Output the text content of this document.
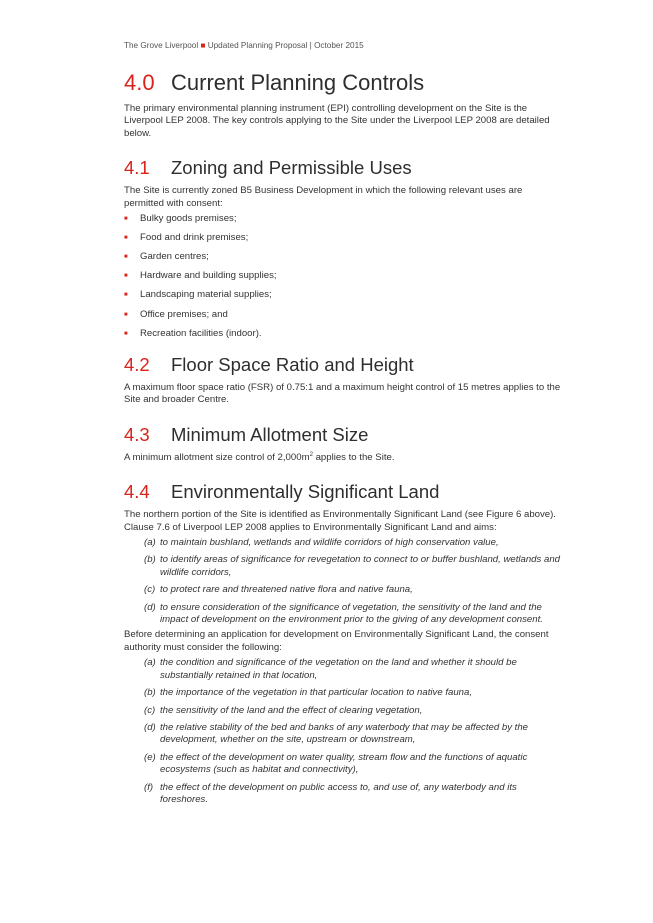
The Grove Liverpool ■ Updated Planning Proposal | October 2015
4.0 Current Planning Controls

The primary environmental planning instrument (EPI) controlling development on the Site is the Liverpool LEP 2008. The key controls applying to the Site under the Liverpool LEP 2008 are detailed below.

4.1 Zoning and Permissible Uses

The Site is currently zoned B5 Business Development in which the following relevant uses are permitted with consent:

■ Bulky goods premises;
■ Food and drink premises;
■ Garden centres;
■ Hardware and building supplies;
■ Landscaping material supplies;
■ Office premises; and
■ Recreation facilities (indoor).
4.2 Floor Space Ratio and Height

A maximum floor space ratio (FSR) of 0.75:1 and a maximum height control of 15 metres applies to the Site and broader Centre.

4.3 Minimum Allotment Size

A minimum allotment size control of $2,000m^2$ applies to the Site.

4.4 Environmentally Significant Land

The northern portion of the Site is identified as Environmentally Significant Land (see Figure 6 above). Clause 7.6 of Liverpool LEP 2008 applies to Environmentally Significant Land and aims:

(a) to maintain bushland, wetlands and wildlife corridors of high conservation value,
(b) to identify areas of significance for revegetation to connect to or buffer bushland, wetlands and wildlife corridors,
(c) to protect rare and threatened native flora and native fauna,
(d) to ensure consideration of the significance of vegetation, the sensitivity of the land and the impact of development on the environment prior to the giving of any development consent.

Before determining an application for development on Environmentally Significant Land, the consent authority must consider the following:

(a) the condition and significance of the vegetation on the land and whether it should be substantially retained in that location,
(b) the importance of the vegetation in that particular location to native fauna,
(c) the sensitivity of the land and the effect of clearing vegetation,
(d) the relative stability of the bed and banks of any waterbody that may be affected by the development, whether on the site, upstream or downstream,
(e) the effect of the development on water quality, stream flow and the functions of aquatic ecosystems (such as habitat and connectivity),
(f) the effect of the development on public access to, and use of, any waterbody and its foreshores.
